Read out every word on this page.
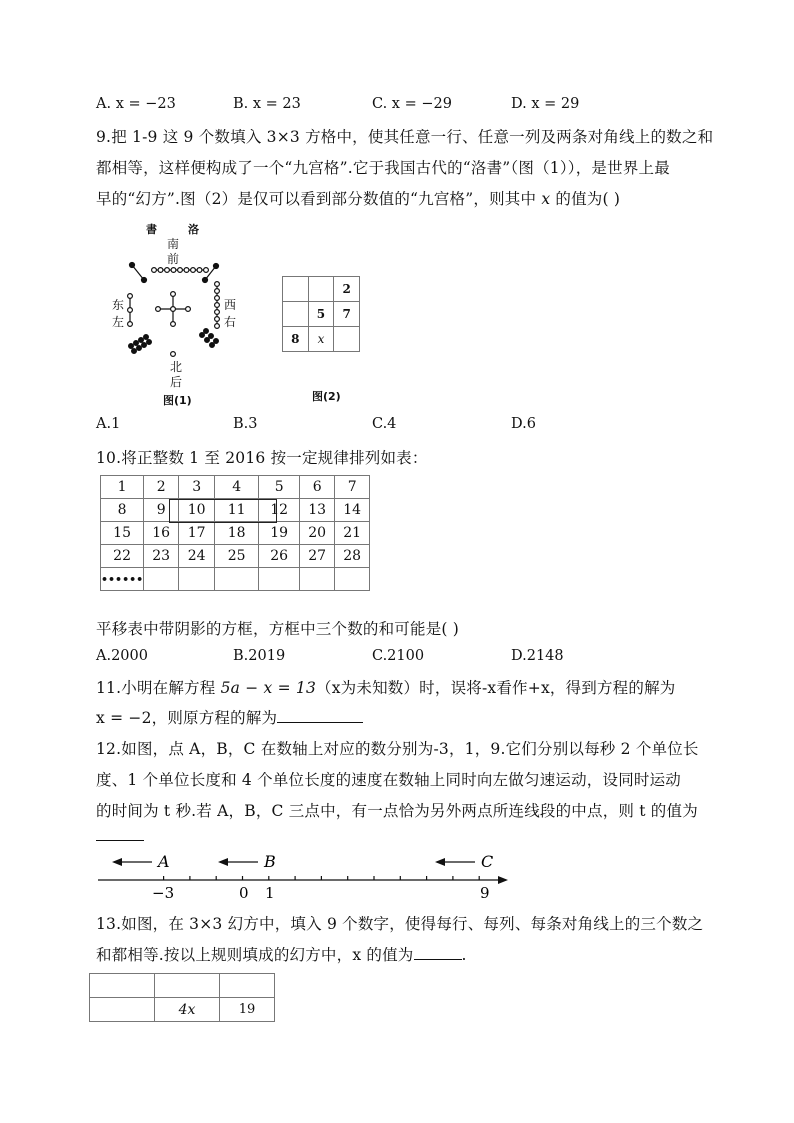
A. x = −23	B. x = 23	C. x = −29	D. x = 29
9.把 1-9 这 9 个数填入 3×3 方格中，使其任意一行、任意一列及两条对角线上的数之和
都相等，这样便构成了一个“九宫格”.它于我国古代的“洛書”（图（1）），是世界上最
早的“幻方”.图（2）是仅可以看到部分数值的“九宫格”，则其中 x 的值为( )
書	洛
南
前
东
左
西
右
北
后
图(1)
		2
	5	7
8	x	
图(2)
A.1	B.3	C.4	D.6
10.将正整数 1 至 2016 按一定规律排列如表：
1	2	3	4	5	6	7
8	9	10	11	12	13	14
15	16	17	18	19	20	21
22	23	24	25	26	27	28
••••••						
平移表中带阴影的方框，方框中三个数的和可能是( )
A.2000	B.2019	C.2100	D.2148
11.小明在解方程 5a − x = 13（x为未知数）时，误将-x看作+x，得到方程的解为
x = −2，则原方程的解为
12.如图，点 A，B，C 在数轴上对应的数分别为-3，1，9.它们分别以每秒 2 个单位长
度、1 个单位长度和 4 个单位长度的速度在数轴上同时向左做匀速运动，设同时运动
的时间为 t 秒.若 A，B，C 三点中，有一点恰为另外两点所连线段的中点，则 t 的值为
A	B	C
−3	0 1	9
13.如图，在 3×3 幻方中，填入 9 个数字，使得每行、每列、每条对角线上的三个数之
和都相等.按以上规则填成的幻方中，x 的值为	.

	4x	19
